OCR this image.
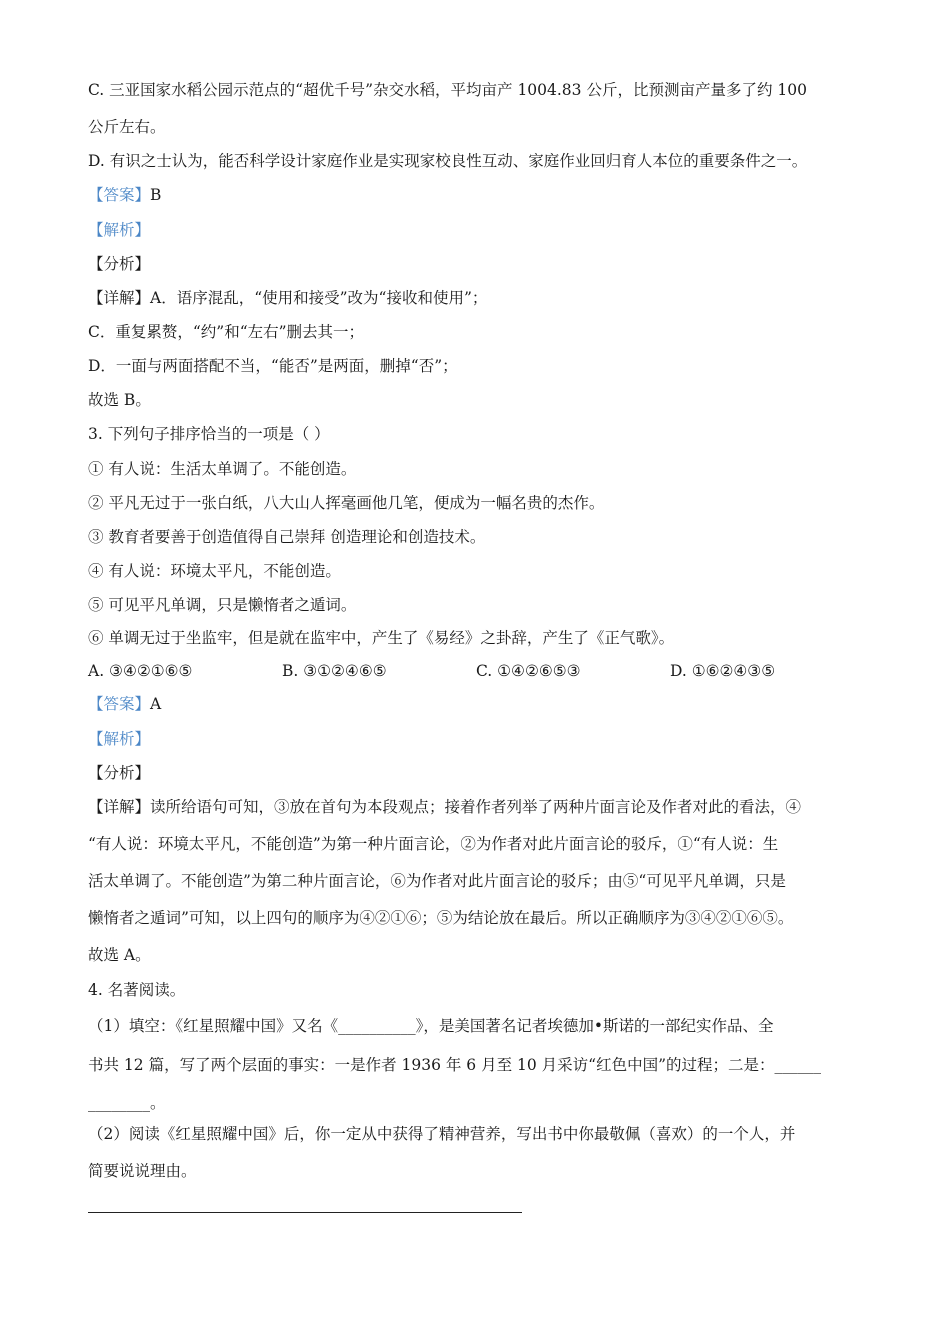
C. 三亚国家水稻公园示范点的“超优千号”杂交水稻，平均亩产 1004.83 公斤，比预测亩产量多了约 100
公斤左右。
D. 有识之士认为，能否科学设计家庭作业是实现家校良性互动、家庭作业回归育人本位的重要条件之一。
【答案】B
【解析】
【分析】
【详解】A．语序混乱，“使用和接受”改为“接收和使用”；
C．重复累赘，“约”和“左右”删去其一；
D．一面与两面搭配不当，“能否”是两面，删掉“否”；
故选 B。
3. 下列句子排序恰当的一项是（ ）
① 有人说：生活太单调了。不能创造。
② 平凡无过于一张白纸，八大山人挥毫画他几笔，便成为一幅名贵的杰作。
③ 教育者要善于创造值得自己崇拜 创造理论和创造技术。
④ 有人说：环境太平凡，不能创造。
⑤ 可见平凡单调，只是懒惰者之遁词。
⑥ 单调无过于坐监牢，但是就在监牢中，产生了《易经》之卦辞，产生了《正气歌》。
A. ③④②①⑥⑤	B. ③①②④⑥⑤	C. ①④②⑥⑤③	D. ①⑥②④③⑤
【答案】A
【解析】
【分析】
【详解】读所给语句可知，③放在首句为本段观点；接着作者列举了两种片面言论及作者对此的看法，④
“有人说：环境太平凡，不能创造”为第一种片面言论，②为作者对此片面言论的驳斥，①“有人说：生
活太单调了。不能创造”为第二种片面言论，⑥为作者对此片面言论的驳斥；由⑤“可见平凡单调，只是
懒惰者之遁词”可知，以上四句的顺序为④②①⑥；⑤为结论放在最后。所以正确顺序为③④②①⑥⑤。
故选 A。
4. 名著阅读。
（1）填空：《红星照耀中国》又名《__________》，是美国著名记者埃德加•斯诺的一部纪实作品、全
书共 12 篇，写了两个层面的事实：一是作者 1936 年 6 月至 10 月采访“红色中国”的过程；二是：______
________。
（2）阅读《红星照耀中国》后，你一定从中获得了精神营养，写出书中你最敬佩（喜欢）的一个人，并
简要说说理由。
